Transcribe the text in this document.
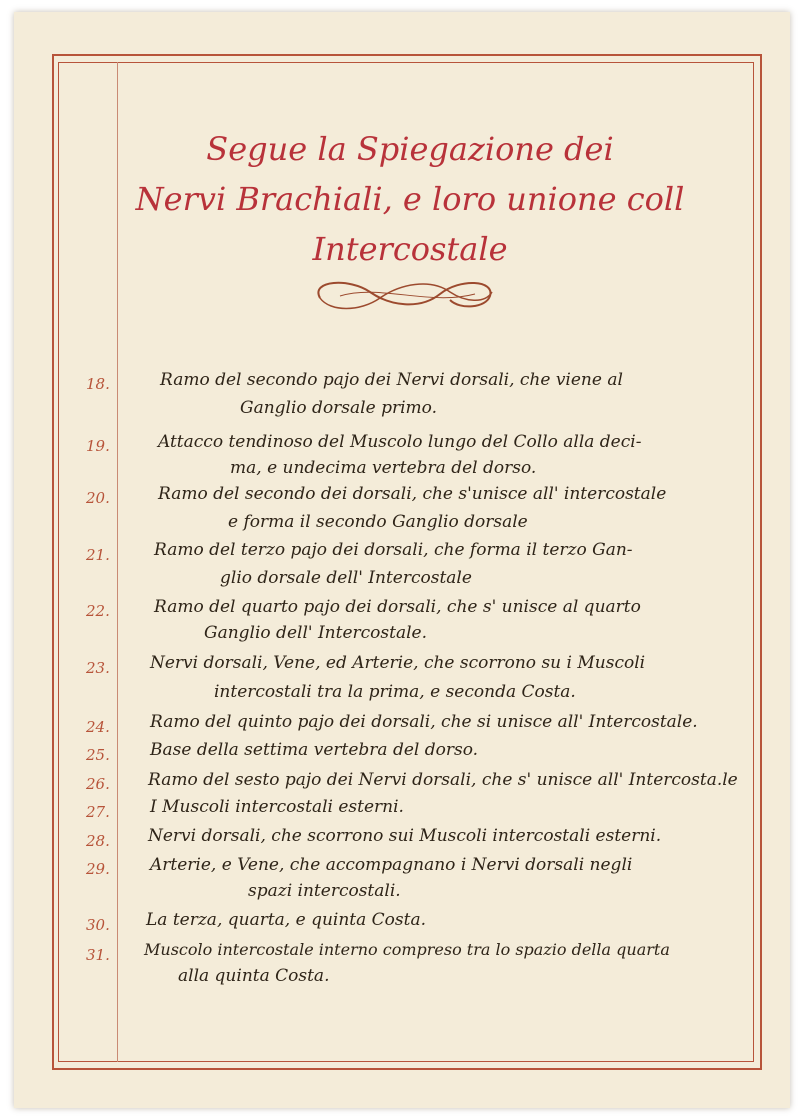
Segue la Spiegazione dei
Nervi Brachiali, e loro unione coll
Intercostale
18.	Ramo del secondo pajo dei Nervi dorsali, che viene al
Ganglio dorsale primo.
19.	Attacco tendinoso del Muscolo lungo del Collo alla deci-
ma, e undecima vertebra del dorso.
20.	Ramo del secondo dei dorsali, che s'unisce all' intercostale
e forma il secondo Ganglio dorsale
21.	Ramo del terzo pajo dei dorsali, che forma il terzo Gan-
glio dorsale dell' Intercostale
22.	Ramo del quarto pajo dei dorsali, che s' unisce al quarto
Ganglio dell' Intercostale.
23. Nervi dorsali, Vene, ed Arterie, che scorrono su i Muscoli
intercostali tra la prima, e seconda Costa.
24. Ramo del quinto pajo dei dorsali, che si unisce all' Intercostale.
25. Base della settima vertebra del dorso.
26. Ramo del sesto pajo dei Nervi dorsali, che s' unisce all' Intercosta.le
27. I Muscoli intercostali esterni.
28. Nervi dorsali, che scorrono sui Muscoli intercostali esterni.
29. Arterie, e Vene, che accompagnano i Nervi dorsali negli
spazi intercostali.
30. La terza, quarta, e quinta Costa.
31. Muscolo intercostale interno compreso tra lo spazio della quarta
alla quinta Costa.
